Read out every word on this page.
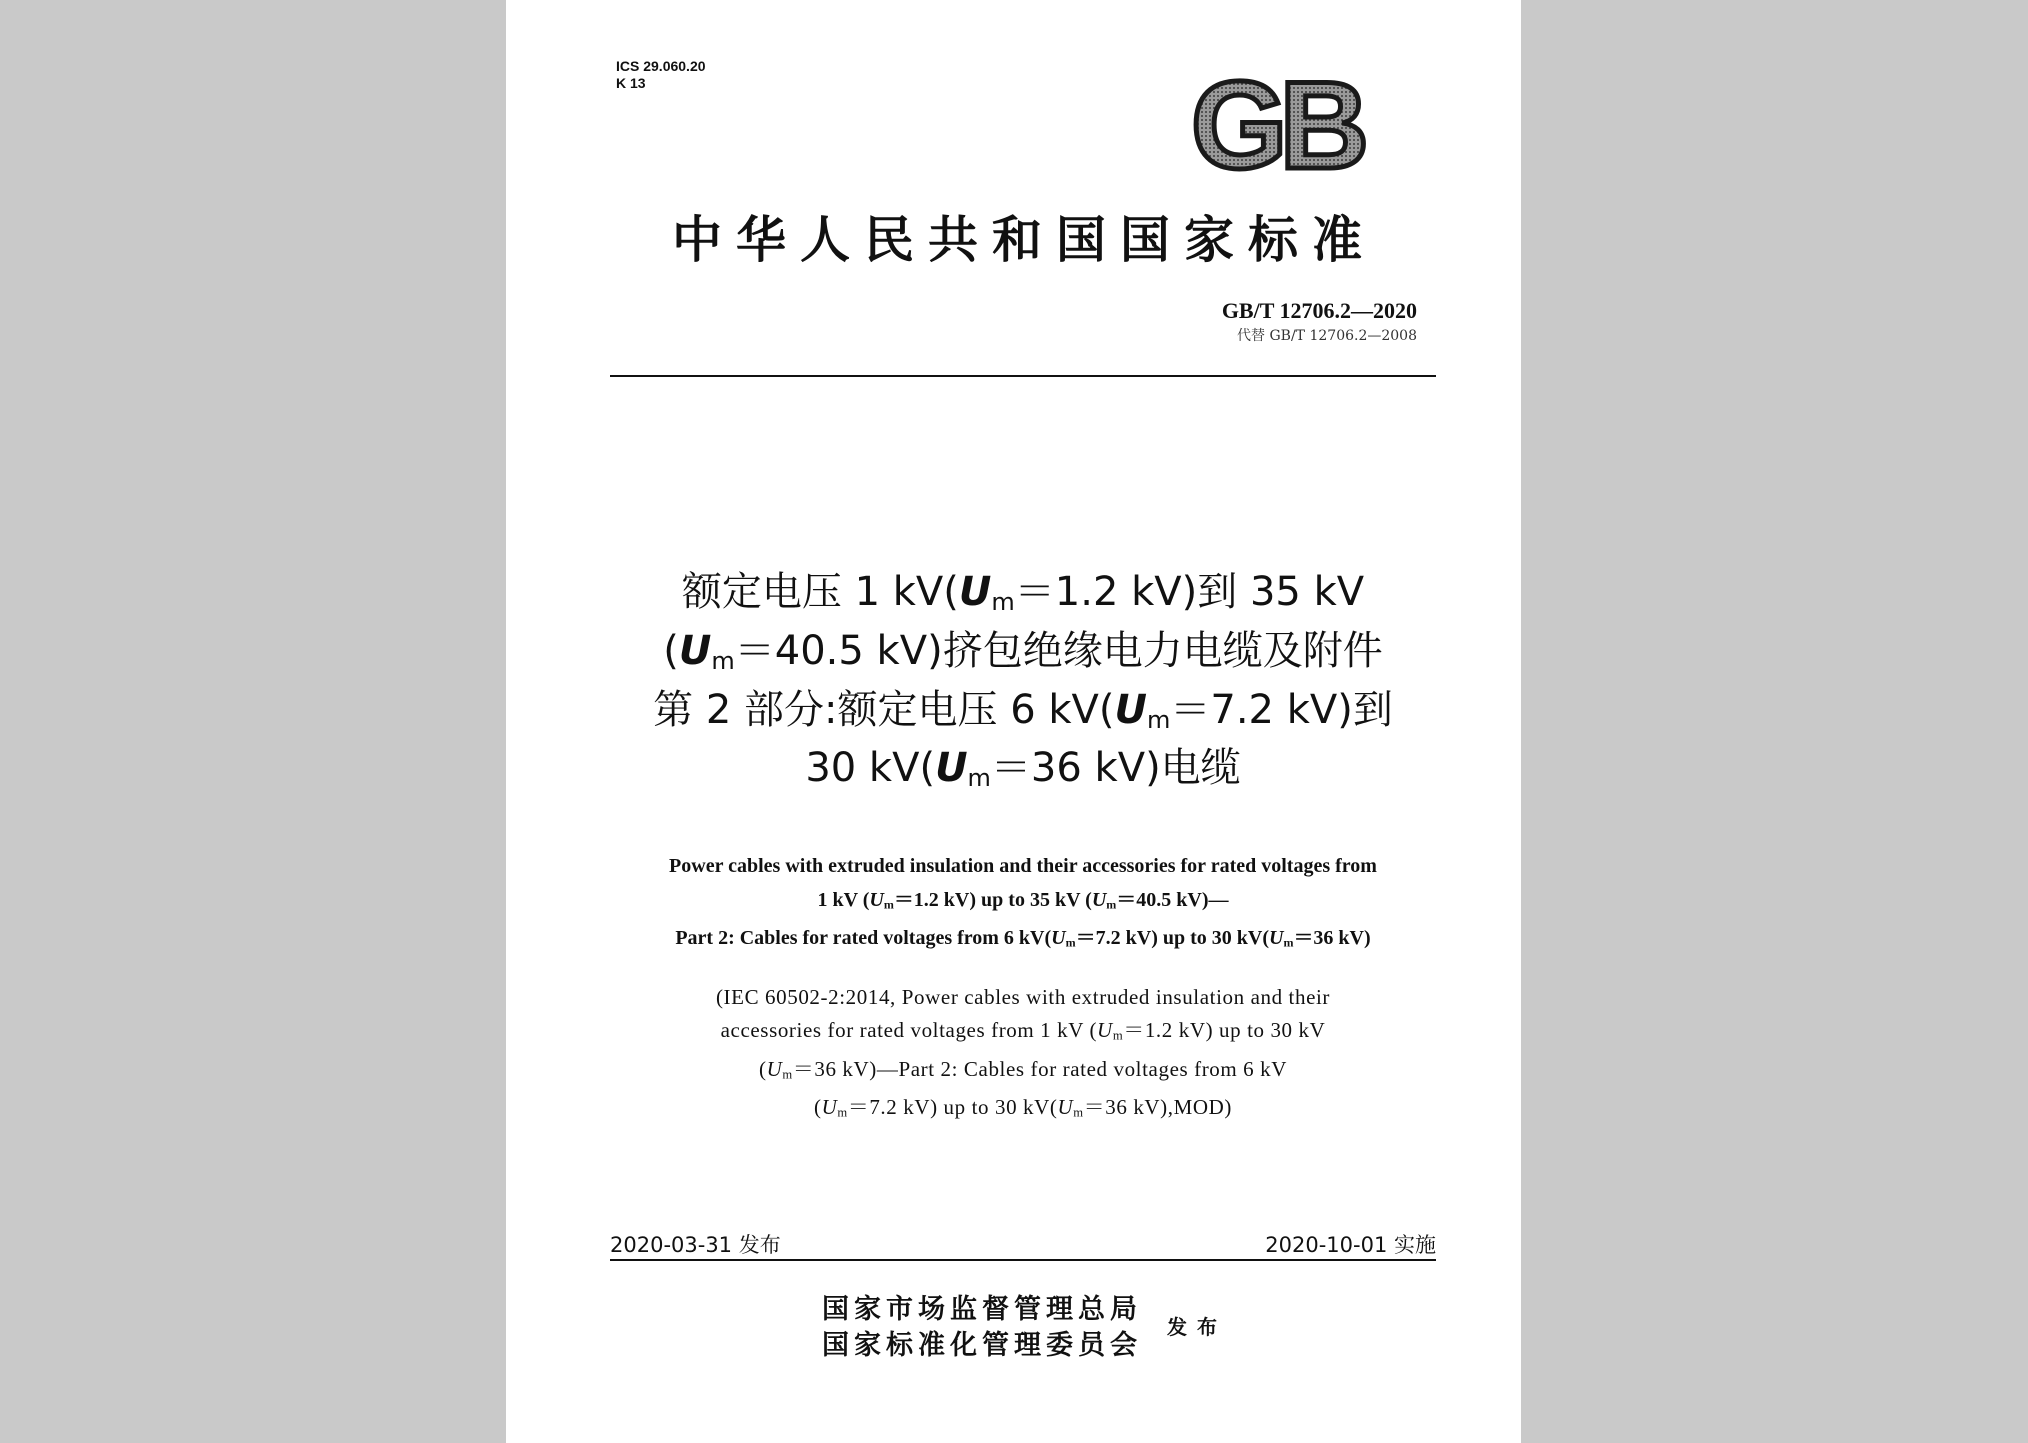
ICS 29.060.20
K 13	GB
中华人民共和国国家标准
GB/T 12706.2—2020
代替 GB/T 12706.2—2008
额定电压 1 kV(Um＝1.2 kV)到 35 kV
(Um＝40.5 kV)挤包绝缘电力电缆及附件
第 2 部分:额定电压 6 kV(Um＝7.2 kV)到
30 kV(Um＝36 kV)电缆
Power cables with extruded insulation and their accessories for rated voltages from
1 kV (Um＝1.2 kV) up to 35 kV (Um＝40.5 kV)—
Part 2: Cables for rated voltages from 6 kV(Um＝7.2 kV) up to 30 kV(Um＝36 kV)
(IEC 60502-2:2014, Power cables with extruded insulation and their
accessories for rated voltages from 1 kV ($U_m=1.2$ kV) up to 30 kV
($U_m=36$ kV)—Part 2: Cables for rated voltages from 6 kV
($U_m=7.2$ kV) up to 30 $kV(U_m=36$ kV),MOD)
2020-03-31 发布	2020-10-01 实施
国家市场监督管理总局
国家标准化管理委员会
发布
